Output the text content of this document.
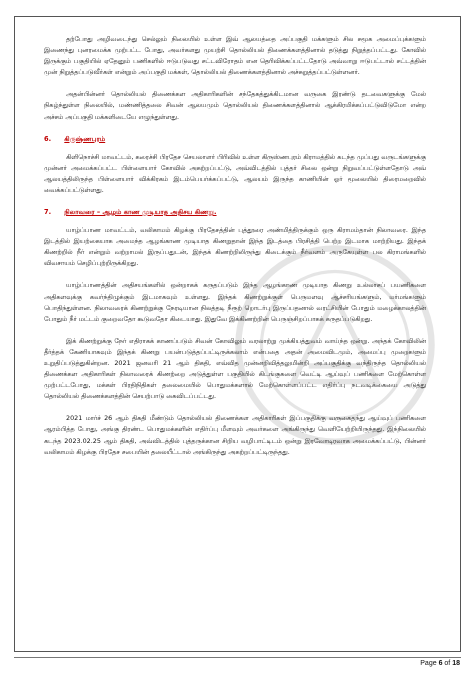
தற்போது அழிவடைந்து செல்லும் நிலையில் உள்ள இவ் ஆலயத்தை அப்பகுதி மக்களும் சில சமூக அமைப்புக்களும் இணைந்து புனரமைக்க முற்பட்ட போது, அவர்களது முயற்சி தொல்லியல் திணைக்களத்தினால் தடுத்து நிறுத்தப்பட்டது. கோவில் இருக்கும் பகுதியில் ஏதேனும் பணிகளில் ஈடுபடுவது சட்டவிரோதம் என தெரிவிக்கப்பட்டதோடு அவ்வாறு ஈடுபட்டால் சட்டத்தின் முன் நிறுத்தப்படுவீர்கள் என்றும் அப்பகுதி மக்கள், தொல்லியல் திணைக்களத்தினால் அச்சுறுத்தப்பட்டுள்ளனர்.

அதன்பின்னர் தொல்லியல் திணைக்கள அதிகாரிகளின் சந்தேகத்துக்கிடமான வருகை இரண்டு தடவைகளுக்கு மேல் நிகழ்ந்துள்ள நிலையில், மண்ணித்தலை சிவன் ஆலயமும் தொல்லியல் திணைக்களத்தினால் ஆக்கிரமிக்கப்பட்டுவிடுமோ என்ற அச்சம் அப்பகுதி மக்களிடையே எழுந்துள்ளது.

6. கிருஷ்ணபுரம்

கிளிநொச்சி மாவட்டம், கரைச்சி பிரதேச செயலாளர் பிரிவில் உள்ள கிருஸ்ணபுரம் கிராமத்தில் கடந்த முப்பது வருடங்களுக்கு முன்னர் அமைக்கப்பட்ட பிள்ளையார் கோவில் அகற்றப்பட்டு, அவ்விடத்தில் புத்தர் சிலை ஒன்று நிறுவப்பட்டுள்ளதோடு அவ் ஆலயத்திலிருந்த பிள்ளையார் விக்கிரகம் இடம்பெயர்க்கப்பட்டு, ஆலயம் இருந்த காணியின் ஓர் மூலையில் திரைமறைவில் வைக்கப்பட்டுள்ளது.

7. நிலாவரை – ஆழம் காண முடியாத அதிசய கிணறு.

யாழ்ப்பாண மாவட்டம், வலிகாமம் கிழக்கு பிரதேசத்தின் புத்தூரை அண்மித்திருக்கும் ஒரு கிராமம்தான் நிலாவரை. இந்த இடத்தில் இயற்கையாக அமைந்த ஆழங்காண முடியாத கிணறுதான் இந்த இடத்தை பிரசித்தி பெற்ற இடமாக மாற்றியது. இந்தக் கிணற்றில் நீர் என்றும் வற்றாமல் இருப்பதுடன், இந்தக் கிணற்றிலிருந்து கிடைக்கும் நீர்வளம் அருகேயுள்ள பல கிராமங்களில் விவசாயம் செழிப்புற்றிருக்கிறது.

யாழ்ப்பாணத்தின் அதிசயங்களில் ஒன்றாகக் கருதப்படும் இந்த ஆழங்காண முடியாத கிணறு உல்லாசப் பயணிகளை அதிகளவுக்கு கவர்ந்திழுக்கும் இடமாகவும் உள்ளது. இந்தக் கிணற்றுக்குள் பெருமளவு ஆச்சரியங்களும், மர்மங்களும் பொதிந்துள்ளன. நிலாவரைக் கிணற்றுக்கு நேரடியான நிலத்தடி நீரூற் றொடர்பு இருப்பதனால் வரட்சியின் போதும் மழைக்காலத்தின் போதும் நீர் மட்டம் குறைவதோ கூடுவதோ கிடையாது. இதுவே இக்கிணற்றின் பெருஞ்சிறப்பாகக் கருதப்படுகிறது.

இக் கிணற்றுக்கு நேர் எதிராகக் காணப்படும் சிவன் கோவிலும் வரலாற்று முக்கியத்துவம் வாய்ந்த ஒன்று. அந்தக் கோவிலின் தீர்த்தக் கேணியாகவும் இந்தக் கிணறு பயன்படுத்தப்பட்டிருக்கலாம் என்பதை அதன் அமைவிடமும், அமைப்பு முறைகளும் உறுதிப்படுத்துகின்றன. 2021 ஜனவரி 21 ஆம் திகதி, எவ்வித முன்னறிவித்தலுமின்றி அப்பகுதிக்கு வந்திருந்த தொல்லியல் திணைக்கள அதிகாரிகள் நிலாவரைக் கிணற்றை அடுத்துள்ள பகுதியில் கிடங்குகளை வெட்டி ஆய்வுப் பணிகளை மேற்கொள்ள முற்பட்டபோது, மக்கள் பிரதிநிதிகள் தலைமையில் பொதுமக்களால் மேற்கொள்ளப்பட்ட எதிர்ப்பு நடவடிக்கையை அடுத்து தொல்லியல் திணைக்களத்தின் செயற்பாடு கைவிடப்பட்டது.

2021 மார்ச் 26 ஆம் திகதி மீண்டும் தொல்லியல் திணைக்கள அதிகாரிகள் இப்பகுதிக்கு வருகைதந்து ஆய்வுப் பணிகளை ஆரம்பித்த போது, அங்கு திரண்ட பொதுமக்களின் எதிர்ப்பு மீளவும் அவர்களை அங்கிருந்து வெளியேற்றியிருந்தது. இந்நிலையில் கடந்த 2023.02.25 ஆம் திகதி, அவ்விடத்தில் புத்தருக்கான சிறிய வழிபாட்டிடம் ஒன்று இரவோடிரவாக அமைக்கப்பட்டு, பின்னர் வலிகாமம் கிழக்கு பிரதேச சபையின் தலையீட்டால் அங்கிருந்து அகற்றப்பட்டிருந்தது.

Page 6 of 18
